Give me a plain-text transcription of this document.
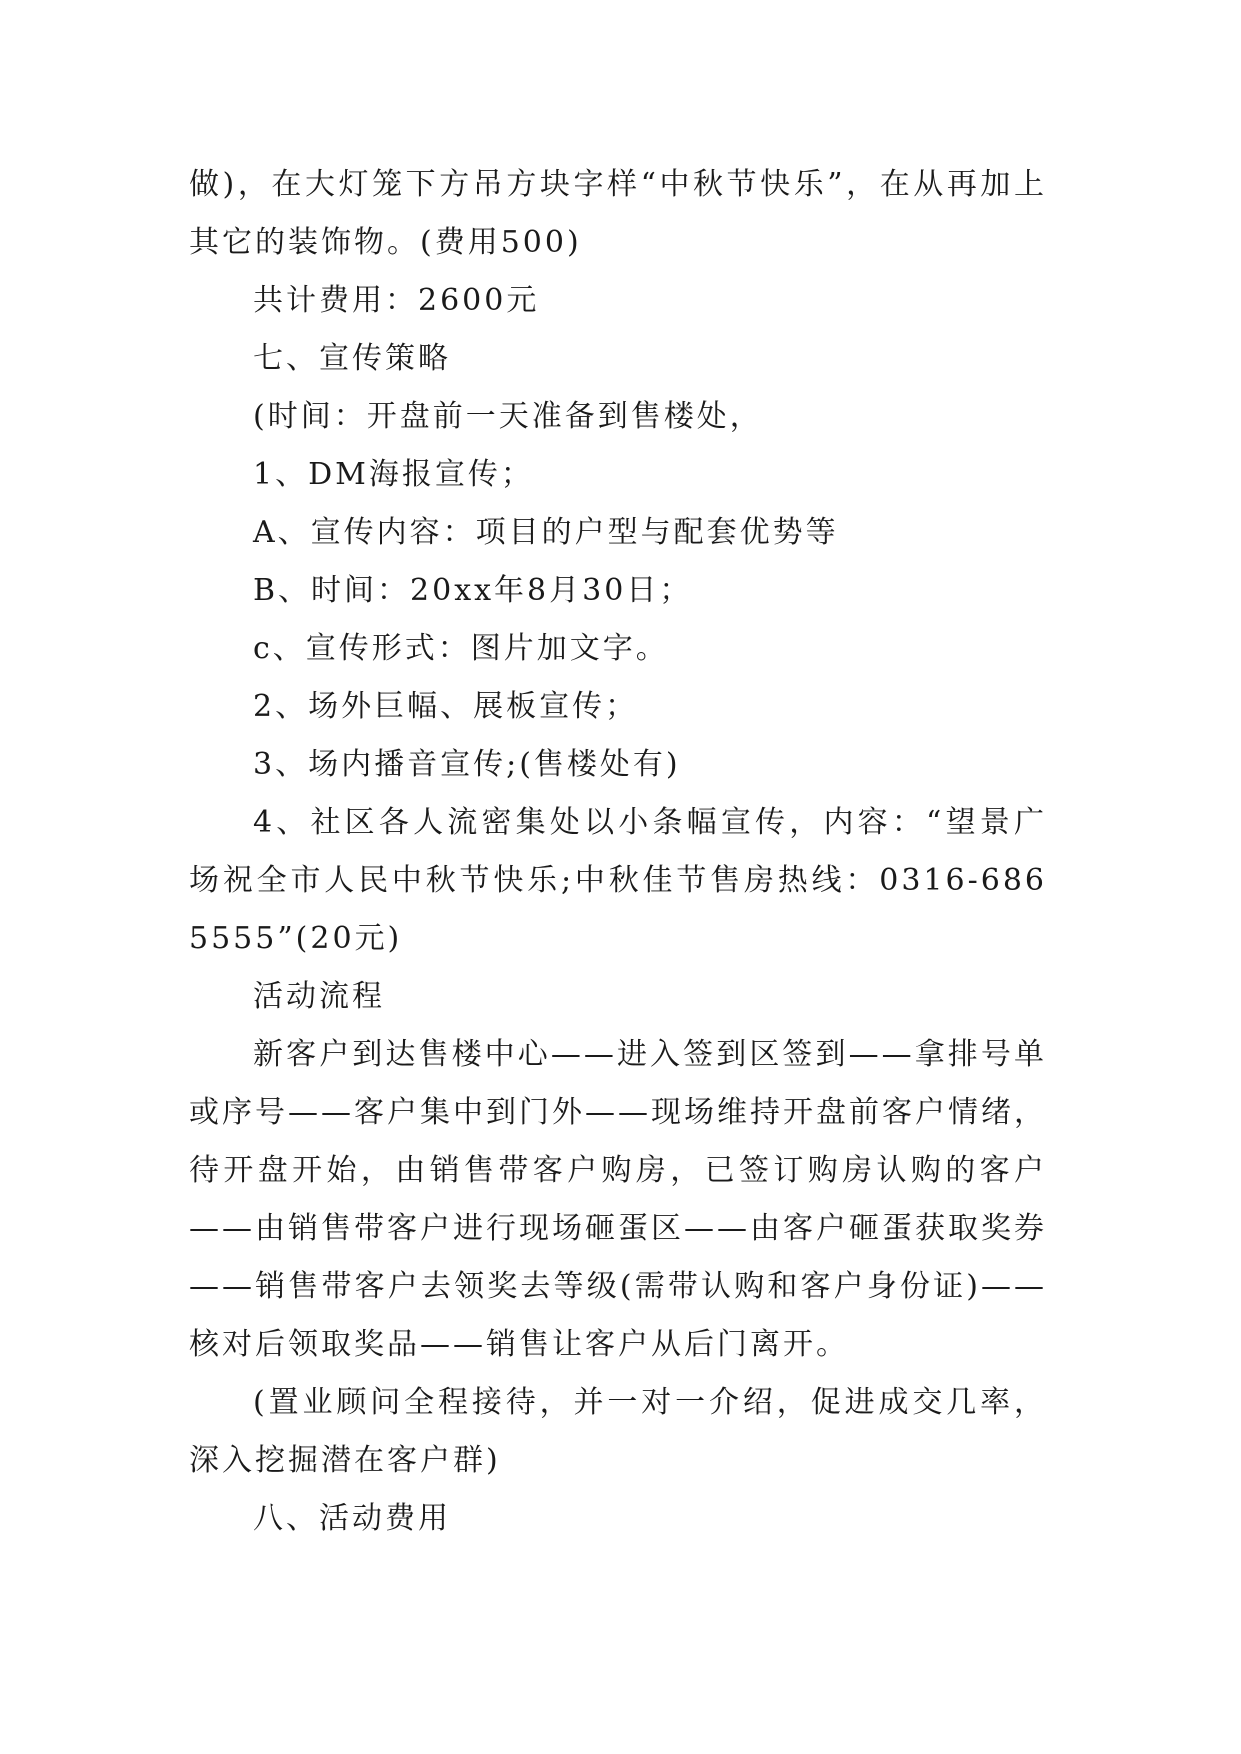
做)，在大灯笼下方吊方块字样“中秋节快乐”，在从再加上其它的装饰物。(费用500)

共计费用：2600元

七、宣传策略

(时间：开盘前一天准备到售楼处，

1、DM海报宣传；

A、宣传内容：项目的户型与配套优势等

B、时间：20xx年8月30日；

c、宣传形式：图片加文字。

2、场外巨幅、展板宣传；

3、场内播音宣传;(售楼处有)

4、社区各人流密集处以小条幅宣传，内容：“望景广场祝全市人民中秋节快乐;中秋佳节售房热线：0316-6865555”(20元)

活动流程

新客户到达售楼中心——进入签到区签到——拿排号单或序号——客户集中到门外——现场维持开盘前客户情绪，待开盘开始，由销售带客户购房，已签订购房认购的客户——由销售带客户进行现场砸蛋区——由客户砸蛋获取奖券——销售带客户去领奖去等级(需带认购和客户身份证)——核对后领取奖品——销售让客户从后门离开。

(置业顾问全程接待，并一对一介绍，促进成交几率，深入挖掘潜在客户群)

八、活动费用
